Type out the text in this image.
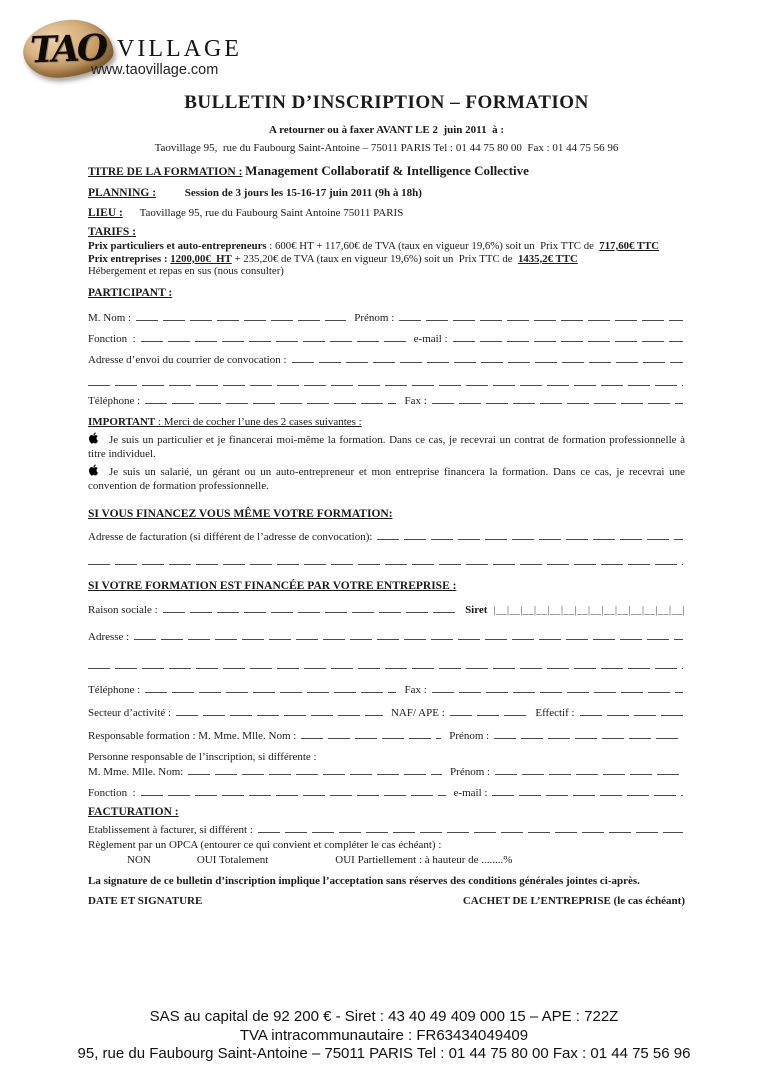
TAO VILLAGE
www.taovillage.com
BULLETIN D’INSCRIPTION – FORMATION
A retourner ou à faxer AVANT LE 2  juin 2011  à :
Taovillage 95,  rue du Faubourg Saint-Antoine – 75011 PARIS Tel : 01 44 75 80 00  Fax : 01 44 75 56 96
TITRE DE LA FORMATION : Management Collaboratif & Intelligence Collective
PLANNING :	Session de 3 jours les 15-16-17 juin 2011 (9h à 18h)
LIEU : Taovillage 95, rue du Faubourg Saint Antoine 75011 PARIS
TARIFS :
Prix particuliers et auto-entrepreneurs : 600€ HT + 117,60€ de TVA (taux en vigueur 19,6%) soit un  Prix TTC de  717,60€ TTC
Prix entreprises : 1200,00€  HT + 235,20€ de TVA (taux en vigueur 19,6%) soit un  Prix TTC de  1435,2€ TTC
Hébergement et repas en sus (nous consulter)
PARTICIPANT :
M. Nom :	Prénom :
Fonction  :	e-mail :
Adresse d’envoi du courrier de convocation :
Téléphone :	Fax :
IMPORTANT : Merci de cocher l’une des 2 cases suivantes :
Je suis un particulier et je financerai moi-même la formation. Dans ce cas, je recevrai un contrat de formation professionnelle à titre individuel.
Je suis un salarié, un gérant ou un auto-entrepreneur et mon entreprise financera la formation. Dans ce cas, je recevrai une convention de formation professionnelle.
SI VOUS FINANCEZ VOUS MÊME VOTRE FORMATION:
Adresse de facturation (si différent de l’adresse de convocation):
SI VOTRE FORMATION EST FINANCÉE PAR VOTRE ENTREPRISE :
Raison sociale :	Siret |__|__|__|__|__|__|__|__|__|__|__|__|__|__|
Adresse :
Téléphone :	Fax :
Secteur d’activité :	NAF/ APE :	Effectif :
Responsable formation : M. Mme. Mlle. Nom :	Prénom :
Personne responsable de l’inscription, si différente :
M. Mme. Mlle. Nom:	Prénom :
Fonction  :	e-mail :
FACTURATION :
Etablissement à facturer, si différent :
Règlement par un OPCA (entourer ce qui convient et compléter le cas échéant) :
NON	OUI Totalement	OUI Partiellement : à hauteur de ........%
La signature de ce bulletin d’inscription implique l’acceptation sans réserves des conditions générales jointes ci-après.
DATE ET SIGNATURE	CACHET DE L’ENTREPRISE (le cas échéant)
SAS au capital de 92 200 € - Siret : 43 40 49 409 000 15 – APE : 722Z
TVA intracommunautaire : FR63434049409
95, rue du Faubourg Saint-Antoine – 75011 PARIS Tel : 01 44 75 80 00 Fax : 01 44 75 56 96
